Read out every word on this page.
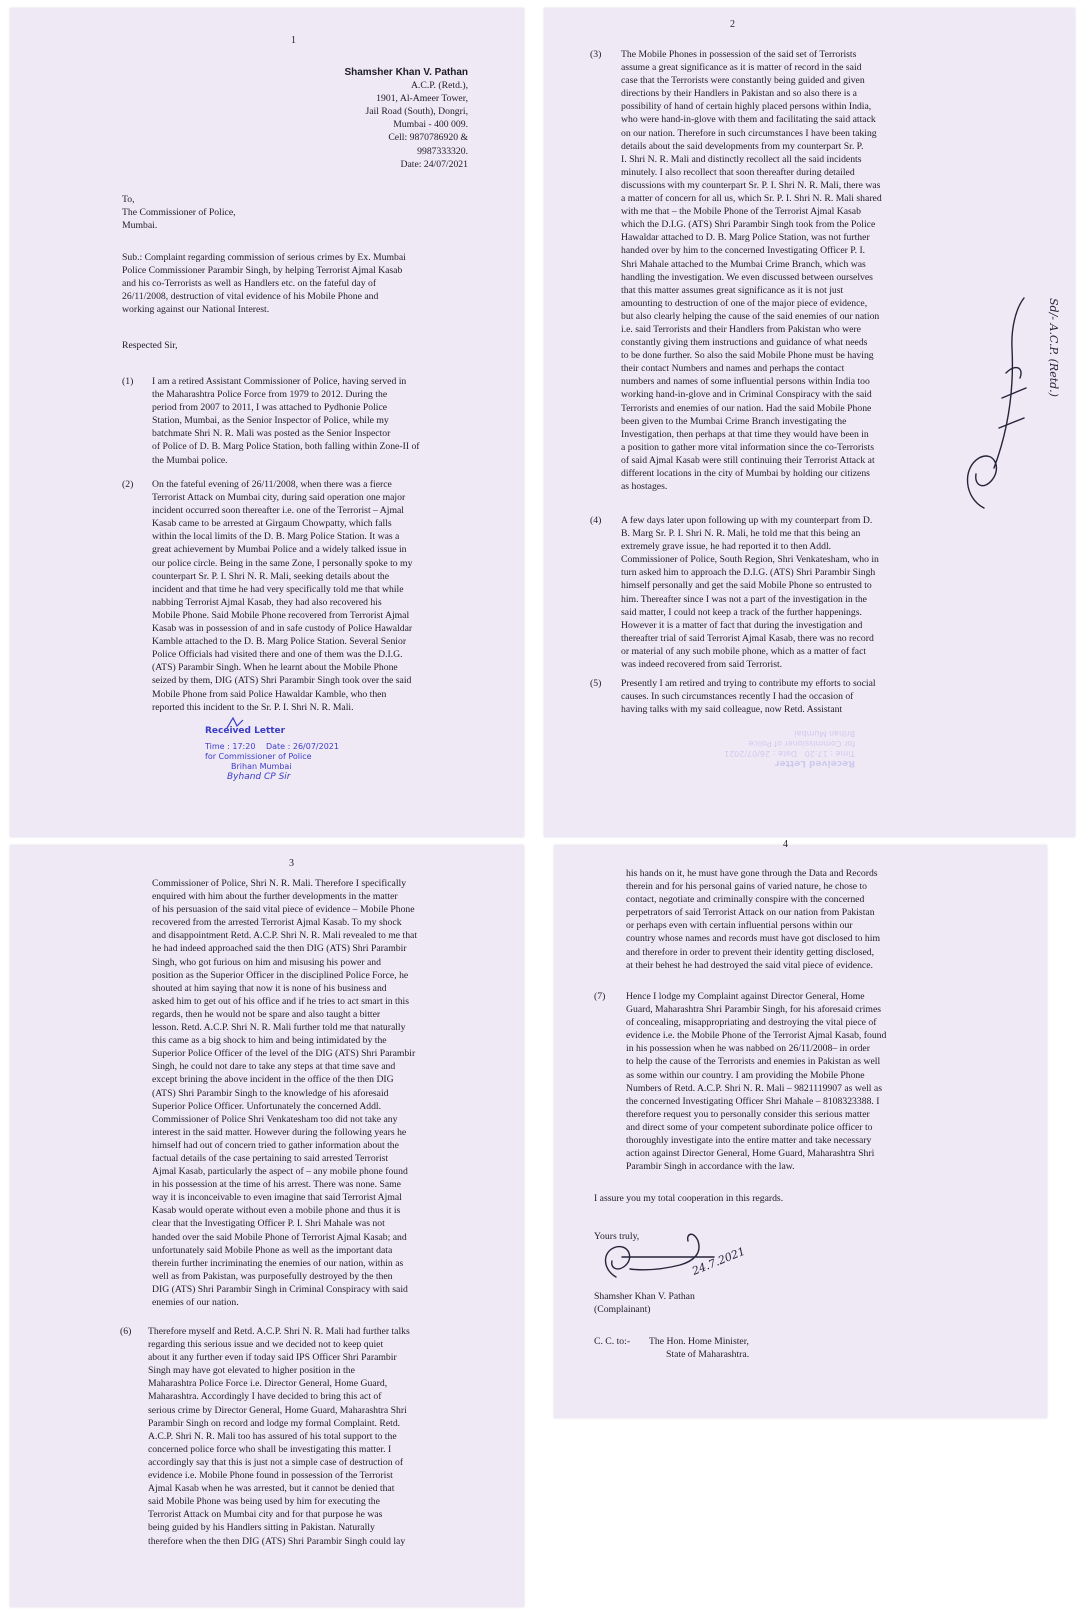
1
Shamsher Khan V. Pathan
A.C.P. (Retd.),
1901, Al-Ameer Tower,
Jail Road (South), Dongri,
Mumbai - 400 009.
Cell: 9870786920 &
9987333320.
Date: 24/07/2021
To,
The Commissioner of Police,
Mumbai.
Sub.: Complaint regarding commission of serious crimes by Ex. Mumbai
Police Commissioner Parambir Singh, by helping Terrorist Ajmal Kasab
and his co-Terrorists as well as Handlers etc. on the fateful day of
26/11/2008, destruction of vital evidence of his Mobile Phone and
working against our National Interest.
Respected Sir,
(1) I am a retired Assistant Commissioner of Police, having served in
the Maharashtra Police Force from 1979 to 2012. During the
period from 2007 to 2011, I was attached to Pydhonie Police
Station, Mumbai, as the Senior Inspector of Police, while my
batchmate Shri N. R. Mali was posted as the Senior Inspector
of Police of D. B. Marg Police Station, both falling within Zone-II of
the Mumbai police.
(2) On the fateful evening of 26/11/2008, when there was a fierce
Terrorist Attack on Mumbai city, during said operation one major
incident occurred soon thereafter i.e. one of the Terrorist – Ajmal
Kasab came to be arrested at Girgaum Chowpatty, which falls
within the local limits of the D. B. Marg Police Station. It was a
great achievement by Mumbai Police and a widely talked issue in
our police circle. Being in the same Zone, I personally spoke to my
counterpart Sr. P. I. Shri N. R. Mali, seeking details about the
incident and that time he had very specifically told me that while
nabbing Terrorist Ajmal Kasab, they had also recovered his
Mobile Phone. Said Mobile Phone recovered from Terrorist Ajmal
Kasab was in possession of and in safe custody of Police Hawaldar
Kamble attached to the D. B. Marg Police Station. Several Senior
Police Officials had visited there and one of them was the D.I.G.
(ATS) Parambir Singh. When he learnt about the Mobile Phone
seized by them, DIG (ATS) Shri Parambir Singh took over the said
Mobile Phone from said Police Hawaldar Kamble, who then
reported this incident to the Sr. P. I. Shri N. R. Mali.
Received Letter
Time : 17:20 Date : 26/07/2021
for Commissioner of Police
Brihan Mumbai
Byhand CP Sir
2
(3) The Mobile Phones in possession of the said set of Terrorists
assume a great significance as it is matter of record in the said
case that the Terrorists were constantly being guided and given
directions by their Handlers in Pakistan and so also there is a
possibility of hand of certain highly placed persons within India,
who were hand-in-glove with them and facilitating the said attack
on our nation. Therefore in such circumstances I have been taking
details about the said developments from my counterpart Sr. P.
I. Shri N. R. Mali and distinctly recollect all the said incidents
minutely. I also recollect that soon thereafter during detailed
discussions with my counterpart Sr. P. I. Shri N. R. Mali, there was
a matter of concern for all us, which Sr. P. I. Shri N. R. Mali shared
with me that – the Mobile Phone of the Terrorist Ajmal Kasab
which the D.I.G. (ATS) Shri Parambir Singh took from the Police
Hawaldar attached to D. B. Marg Police Station, was not further
handed over by him to the concerned Investigating Officer P. I.
Shri Mahale attached to the Mumbai Crime Branch, which was
handling the investigation. We even discussed between ourselves
that this matter assumes great significance as it is not just
amounting to destruction of one of the major piece of evidence,
but also clearly helping the cause of the said enemies of our nation
i.e. said Terrorists and their Handlers from Pakistan who were
constantly giving them instructions and guidance of what needs
to be done further. So also the said Mobile Phone must be having
their contact Numbers and names and perhaps the contact
numbers and names of some influential persons within India too
working hand-in-glove and in Criminal Conspiracy with the said
Terrorists and enemies of our nation. Had the said Mobile Phone
been given to the Mumbai Crime Branch investigating the
Investigation, then perhaps at that time they would have been in
a position to gather more vital information since the co-Terrorists
of said Ajmal Kasab were still continuing their Terrorist Attack at
different locations in the city of Mumbai by holding our citizens
as hostages.
(4) A few days later upon following up with my counterpart from D.
B. Marg Sr. P. I. Shri N. R. Mali, he told me that this being an
extremely grave issue, he had reported it to then Addl.
Commissioner of Police, South Region, Shri Venkatesham, who in
turn asked him to approach the D.I.G. (ATS) Shri Parambir Singh
himself personally and get the said Mobile Phone so entrusted to
him. Thereafter since I was not a part of the investigation in the
said matter, I could not keep a track of the further happenings.
However it is a matter of fact that during the investigation and
thereafter trial of said Terrorist Ajmal Kasab, there was no record
or material of any such mobile phone, which as a matter of fact
was indeed recovered from said Terrorist.
(5) Presently I am retired and trying to contribute my efforts to social
causes. In such circumstances recently I had the occasion of
having talks with my said colleague, now Retd. Assistant
Received Letter
Time : 17:20   Date : 26/07/2021
for Commissioner of Police
Brihan Mumbai
Sd/- A.C.P. (Retd.)
3
Commissioner of Police, Shri N. R. Mali. Therefore I specifically
enquired with him about the further developments in the matter
of his persuasion of the said vital piece of evidence – Mobile Phone
recovered from the arrested Terrorist Ajmal Kasab. To my shock
and disappointment Retd. A.C.P. Shri N. R. Mali revealed to me that
he had indeed approached said the then DIG (ATS) Shri Parambir
Singh, who got furious on him and misusing his power and
position as the Superior Officer in the disciplined Police Force, he
shouted at him saying that now it is none of his business and
asked him to get out of his office and if he tries to act smart in this
regards, then he would not be spare and also taught a bitter
lesson. Retd. A.C.P. Shri N. R. Mali further told me that naturally
this came as a big shock to him and being intimidated by the
Superior Police Officer of the level of the DIG (ATS) Shri Parambir
Singh, he could not dare to take any steps at that time save and
except brining the above incident in the office of the then DIG
(ATS) Shri Parambir Singh to the knowledge of his aforesaid
Superior Police Officer. Unfortunately the concerned Addl.
Commissioner of Police Shri Venkatesham too did not take any
interest in the said matter. However during the following years he
himself had out of concern tried to gather information about the
factual details of the case pertaining to said arrested Terrorist
Ajmal Kasab, particularly the aspect of – any mobile phone found
in his possession at the time of his arrest. There was none. Same
way it is inconceivable to even imagine that said Terrorist Ajmal
Kasab would operate without even a mobile phone and thus it is
clear that the Investigating Officer P. I. Shri Mahale was not
handed over the said Mobile Phone of Terrorist Ajmal Kasab; and
unfortunately said Mobile Phone as well as the important data
therein further incriminating the enemies of our nation, within as
well as from Pakistan, was purposefully destroyed by the then
DIG (ATS) Shri Parambir Singh in Criminal Conspiracy with said
enemies of our nation.
(6) Therefore myself and Retd. A.C.P. Shri N. R. Mali had further talks
regarding this serious issue and we decided not to keep quiet
about it any further even if today said IPS Officer Shri Parambir
Singh may have got elevated to higher position in the
Maharashtra Police Force i.e. Director General, Home Guard,
Maharashtra. Accordingly I have decided to bring this act of
serious crime by Director General, Home Guard, Maharashtra Shri
Parambir Singh on record and lodge my formal Complaint. Retd.
A.C.P. Shri N. R. Mali too has assured of his total support to the
concerned police force who shall be investigating this matter. I
accordingly say that this is just not a simple case of destruction of
evidence i.e. Mobile Phone found in possession of the Terrorist
Ajmal Kasab when he was arrested, but it cannot be denied that
said Mobile Phone was being used by him for executing the
Terrorist Attack on Mumbai city and for that purpose he was
being guided by his Handlers sitting in Pakistan. Naturally
therefore when the then DIG (ATS) Shri Parambir Singh could lay
4
his hands on it, he must have gone through the Data and Records
therein and for his personal gains of varied nature, he chose to
contact, negotiate and criminally conspire with the concerned
perpetrators of said Terrorist Attack on our nation from Pakistan
or perhaps even with certain influential persons within our
country whose names and records must have got disclosed to him
and therefore in order to prevent their identity getting disclosed,
at their behest he had destroyed the said vital piece of evidence.
(7) Hence I lodge my Complaint against Director General, Home
Guard, Maharashtra Shri Parambir Singh, for his aforesaid crimes
of concealing, misappropriating and destroying the vital piece of
evidence i.e. the Mobile Phone of the Terrorist Ajmal Kasab, found
in his possession when he was nabbed on 26/11/2008– in order
to help the cause of the Terrorists and enemies in Pakistan as well
as some within our country. I am providing the Mobile Phone
Numbers of Retd. A.C.P. Shri N. R. Mali – 9821119907 as well as
the concerned Investigating Officer Shri Mahale – 8108323388. I
therefore request you to personally consider this serious matter
and direct some of your competent subordinate police officer to
thoroughly investigate into the entire matter and take necessary
action against Director General, Home Guard, Maharashtra Shri
Parambir Singh in accordance with the law.
I assure you my total cooperation in this regards.
Yours truly,
24.7.2021
Shamsher Khan V. Pathan
(Complainant)
C. C. to:- The Hon. Home Minister,
State of Maharashtra.
